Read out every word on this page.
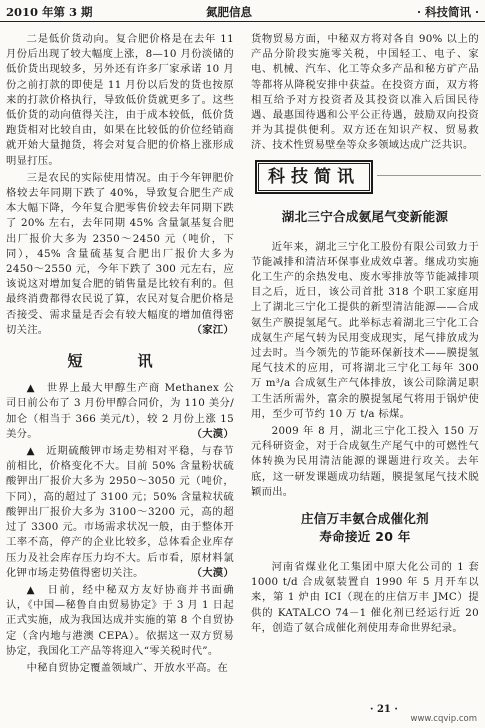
2010 年第 3 期	氮肥信息	· 科技简讯 ·

二是低价货动向。复合肥价格是在去年 11 月份后出现了较大幅度上涨，8—10 月份淡储的低价货出现较多，另外还有许多厂家承诺 10 月份之前打款的即使是 11 月份以后发的货也按原来的打款价格执行，导致低价货就更多了。这些低价货的动向值得关注，由于成本较低，低价货跑货相对比较自由，如果在比较低的价位经销商就开始大量抛货，将会对复合肥的价格上涨形成明显打压。

三是农民的实际使用情况。由于今年钾肥价格较去年同期下跌了 40%，导致复合肥生产成本大幅下降，今年复合肥零售价较去年同期下跌了 20% 左右，去年同期 45% 含量氯基复合肥出厂报价大多为 2350～2450 元（吨价，下同），45% 含量硫基复合肥出厂报价大多为 2450～2550 元，今年下跌了 300 元左右，应该说这对增加复合肥的销售量是比较有利的。但最终消费都得农民说了算，农民对复合肥价格是否接受、需求量是否会有较大幅度的增加值得密切关注。	（家江）

短　讯

▲　世界上最大甲醇生产商 Methanex 公司日前公布了 3 月份甲醇合同价，为 110 美分/加仑（相当于 366 美元/t），较 2 月份上涨 15 美分。	（大漠）

▲　近期硫酸钾市场走势相对平稳，与春节前相比，价格变化不大。目前 50% 含量粉状硫酸钾出厂报价大多为 2950～3050 元（吨价，下同），高的超过了 3100 元；50% 含量粒状硫酸钾出厂报价大多为 3100～3200 元，高的超过了 3300 元。市场需求状况一般，由于整体开工率不高，停产的企业比较多，总体看企业库存压力及社会库存压力均不大。后市看，原材料氯化钾市场走势值得密切关注。	（大漠）

▲　日前，经中秘双方友好协商并书面确认，《中国—秘鲁自由贸易协定》于 3 月 1 日起正式实施，成为我国达成并实施的第 8 个自贸协定（含内地与港澳 CEPA）。依据这一双方贸易协定，我国化工产品等将迎入“零关税时代”。

中秘自贸协定覆盖领域广、开放水平高。在

货物贸易方面，中秘双方将对各自 90% 以上的产品分阶段实施零关税，中国轻工、电子、家电、机械、汽车、化工等众多产品和秘方矿产品等都将从降税安排中获益。在投资方面，双方将相互给予对方投资者及其投资以准入后国民待遇、最惠国待遇和公平公正待遇，鼓励双向投资并为其提供便利。双方还在知识产权、贸易救济、技术性贸易壁垒等众多领域达成广泛共识。

科技简讯
湖北三宁合成氨尾气变新能源

近年来，湖北三宁化工股份有限公司致力于节能减排和清洁环保事业成效卓著。继成功实施化工生产的余热发电、废水零排放等节能减排项目之后，近日，该公司首批 318 个职工家庭用上了湖北三宁化工提供的新型清洁能源——合成氨生产膜提氢尾气。此举标志着湖北三宁化工合成氨生产尾气转为民用变成现实，尾气排放成为过去时。当今领先的节能环保新技术——膜提氢尾气技术的应用，可将湖北三宁化工每年 300 万 m³/a 合成氨生产气体排放，该公司除满足职工生活所需外，富余的膜提氢尾气将用于锅炉使用，至少可节约 10 万 t/a 标煤。

2009 年 8 月，湖北三宁化工投入 150 万元科研资金，对于合成氨生产尾气中的可燃性气体转换为民用清洁能源的课题进行攻关。去年底，这一研发课题成功结题，膜提氢尾气技术脱颖而出。

庄信万丰氨合成催化剂
寿命接近 20 年

河南省煤业化工集团中原大化公司的 1 套 1000 t/d 合成氨装置自 1990 年 5 月开车以来，第 1 炉由 ICI（现在的庄信万丰 JMC）提供的 KATALCO 74－1 催化剂已经运行近 20 年，创造了氨合成催化剂使用寿命世界纪录。

· 21 ·
www.cqvip.com
